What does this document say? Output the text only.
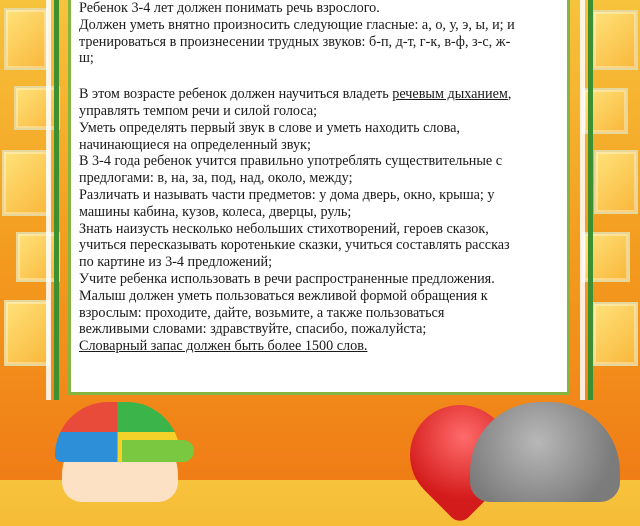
Ребенок 3-4 лет должен понимать речь взрослого.

Должен уметь внятно произносить следующие гласные: а, о, у, э, ы, и; и

тренироваться в произнесении трудных звуков: б-п, д-т, г-к, в-ф, з-с, ж-

ш;

В этом возрасте ребенок должен научиться владеть речевым дыханием,

управлять темпом речи и силой голоса;

Уметь определять первый звук в слове и уметь находить слова,

начинающиеся на определенный звук;

В 3-4 года ребенок учится правильно употреблять существительные с

предлогами: в, на, за, под, над, около, между;

Различать и называть части предметов: у дома дверь, окно, крыша; у

машины кабина, кузов, колеса, дверцы, руль;

Знать наизусть несколько небольших стихотворений, героев сказок,

учиться пересказывать коротенькие сказки, учиться составлять рассказ

по картине из 3-4 предложений;

Учите ребенка использовать в речи распространенные предложения.

Малыш должен уметь пользоваться вежливой формой обращения к

взрослым: проходите, дайте, возьмите, а также пользоваться

вежливыми словами: здравствуйте, спасибо, пожалуйста;

Словарный запас должен быть более 1500 слов.
